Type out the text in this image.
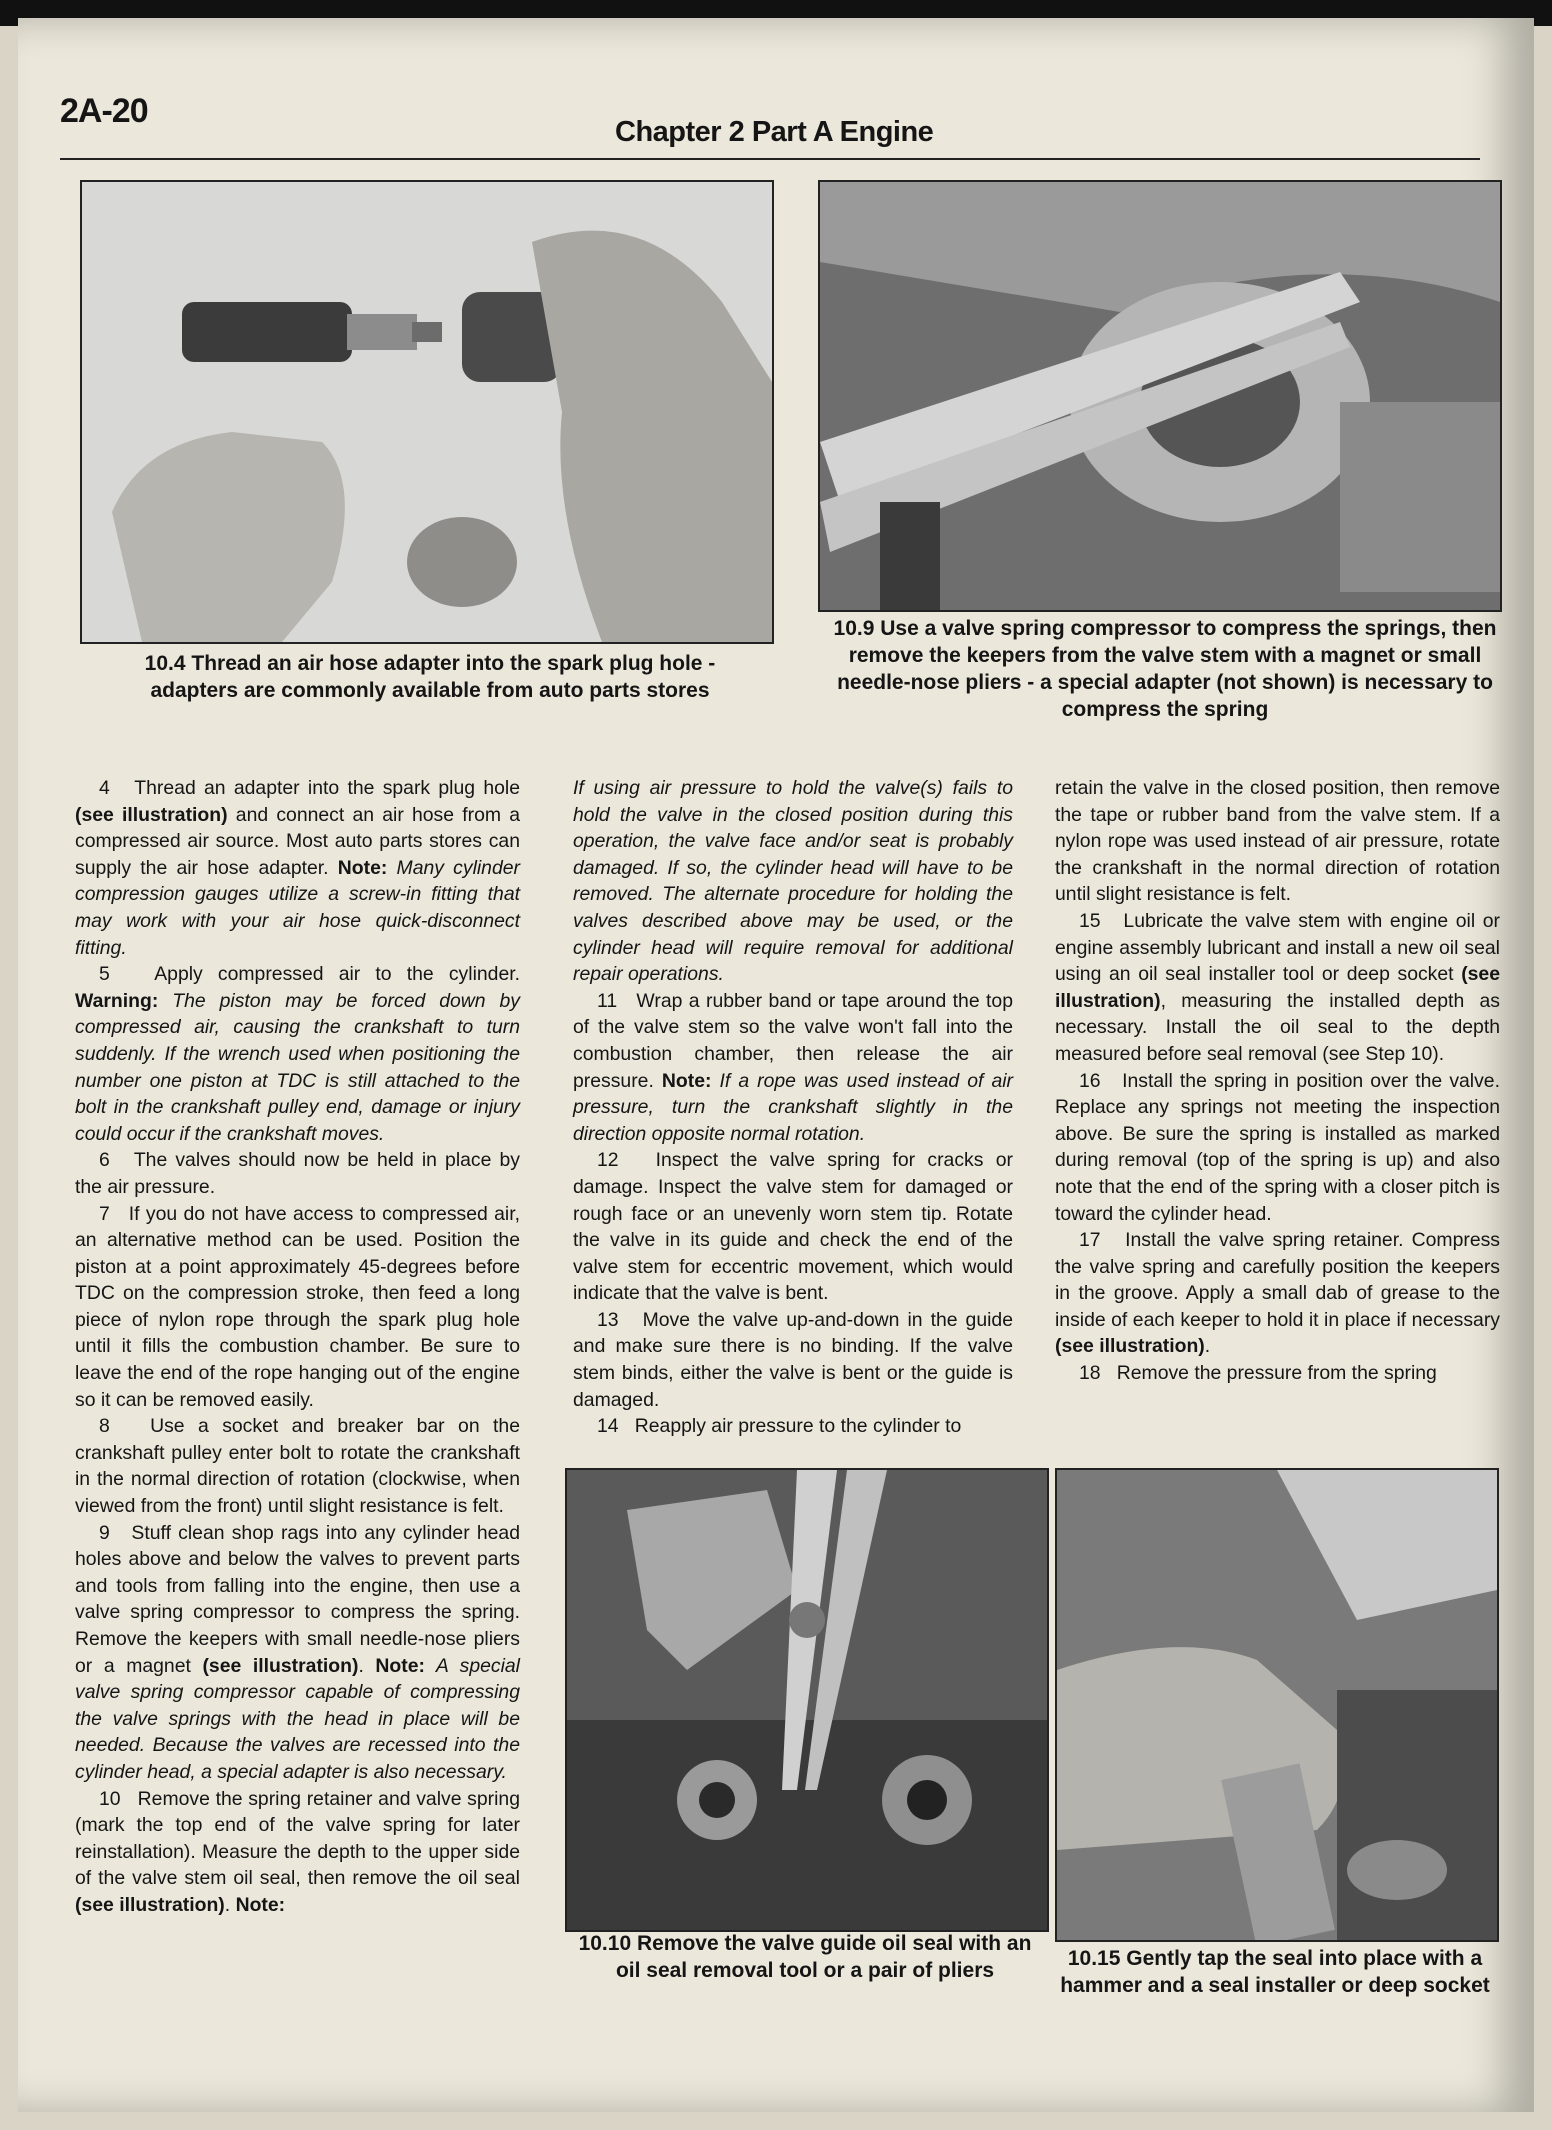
2A-20
Chapter 2 Part A Engine
10.4 Thread an air hose adapter into the spark plug hole - adapters are commonly available from auto parts stores
10.9 Use a valve spring compressor to compress the springs, then remove the keepers from the valve stem with a magnet or small needle-nose pliers - a special adapter (not shown) is necessary to compress the spring

4 Thread an adapter into the spark plug hole (see illustration) and connect an air hose from a compressed air source. Most auto parts stores can supply the air hose adapter. Note: Many cylinder compression gauges utilize a screw-in fitting that may work with your air hose quick-disconnect fitting.

5 Apply compressed air to the cylinder. Warning: The piston may be forced down by compressed air, causing the crankshaft to turn suddenly. If the wrench used when positioning the number one piston at TDC is still attached to the bolt in the crankshaft pulley end, damage or injury could occur if the crankshaft moves.

6 The valves should now be held in place by the air pressure.

7 If you do not have access to compressed air, an alternative method can be used. Position the piston at a point approximately 45-degrees before TDC on the compression stroke, then feed a long piece of nylon rope through the spark plug hole until it fills the combustion chamber. Be sure to leave the end of the rope hanging out of the engine so it can be removed easily.

8 Use a socket and breaker bar on the crankshaft pulley enter bolt to rotate the crankshaft in the normal direction of rotation (clockwise, when viewed from the front) until slight resistance is felt.

9 Stuff clean shop rags into any cylinder head holes above and below the valves to prevent parts and tools from falling into the engine, then use a valve spring compressor to compress the spring. Remove the keepers with small needle-nose pliers or a magnet (see illustration). Note: A special valve spring compressor capable of compressing the valve springs with the head in place will be needed. Because the valves are recessed into the cylinder head, a special adapter is also necessary.

10 Remove the spring retainer and valve spring (mark the top end of the valve spring for later reinstallation). Measure the depth to the upper side of the valve stem oil seal, then remove the oil seal (see illustration). Note:

If using air pressure to hold the valve(s) fails to hold the valve in the closed position during this operation, the valve face and/or seat is probably damaged. If so, the cylinder head will have to be removed. The alternate procedure for holding the valves described above may be used, or the cylinder head will require removal for additional repair operations.

11 Wrap a rubber band or tape around the top of the valve stem so the valve won't fall into the combustion chamber, then release the air pressure. Note: If a rope was used instead of air pressure, turn the crankshaft slightly in the direction opposite normal rotation.

12 Inspect the valve spring for cracks or damage. Inspect the valve stem for damaged or rough face or an unevenly worn stem tip. Rotate the valve in its guide and check the end of the valve stem for eccentric movement, which would indicate that the valve is bent.

13 Move the valve up-and-down in the guide and make sure there is no binding. If the valve stem binds, either the valve is bent or the guide is damaged.

14 Reapply air pressure to the cylinder to

retain the valve in the closed position, then remove the tape or rubber band from the valve stem. If a nylon rope was used instead of air pressure, rotate the crankshaft in the normal direction of rotation until slight resistance is felt.

15 Lubricate the valve stem with engine oil or engine assembly lubricant and install a new oil seal using an oil seal installer tool or deep socket (see illustration), measuring the installed depth as necessary. Install the oil seal to the depth measured before seal removal (see Step 10).

16 Install the spring in position over the valve. Replace any springs not meeting the inspection above. Be sure the spring is installed as marked during removal (top of the spring is up) and also note that the end of the spring with a closer pitch is toward the cylinder head.

17 Install the valve spring retainer. Compress the valve spring and carefully position the keepers in the groove. Apply a small dab of grease to the inside of each keeper to hold it in place if necessary (see illustration).

18 Remove the pressure from the spring

10.10 Remove the valve guide oil seal with an oil seal removal tool or a pair of pliers
10.15 Gently tap the seal into place with a hammer and a seal installer or deep socket
